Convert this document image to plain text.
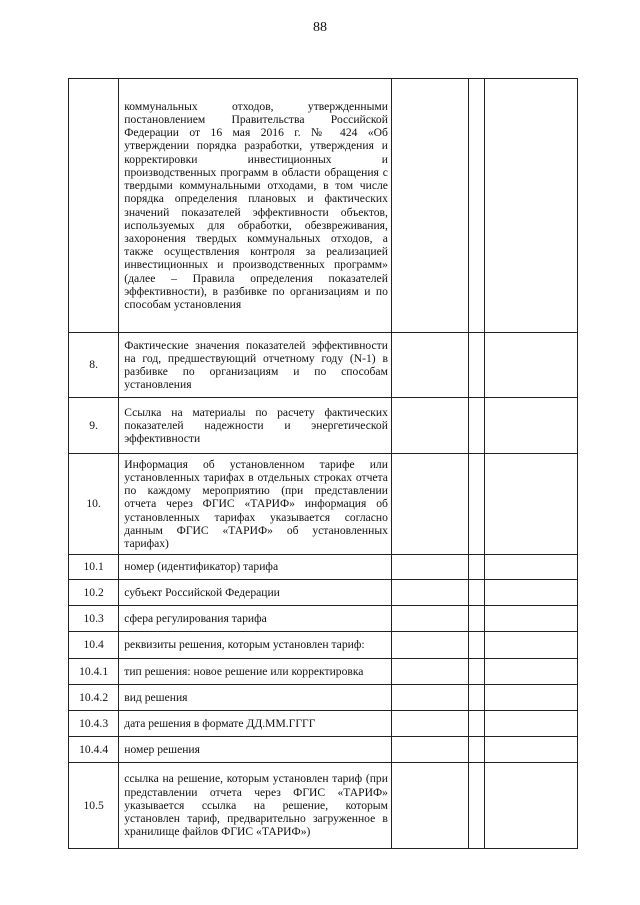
88
	коммунальных отходов, утвержденными постановлением Правительства Российской Федерации от 16 мая 2016 г. № 424 «Об утверждении порядка разработки, утверждения и корректировки инвестиционных и производственных программ в области обращения с твердыми коммунальными отходами, в том числе порядка определения плановых и фактических значений показателей эффективности объектов, используемых для обработки, обезвреживания, захоронения твердых коммунальных отходов, а также осуществления контроля за реализацией инвестиционных и производственных программ» (далее – Правила определения показателей эффективности), в разбивке по организациям и по способам установления			
8.	Фактические значения показателей эффективности на год, предшествующий отчетному году (N-1) в разбивке по организациям и по способам установления			
9.	Ссылка на материалы по расчету фактических показателей надежности и энергетической эффективности			
10.	Информация об установленном тарифе или установленных тарифах в отдельных строках отчета по каждому мероприятию (при представлении отчета через ФГИС «ТАРИФ» информация об установленных тарифах указывается согласно данным ФГИС «ТАРИФ» об установленных тарифах)			
10.1	номер (идентификатор) тарифа			
10.2	субъект Российской Федерации			
10.3	сфера регулирования тарифа			
10.4	реквизиты решения, которым установлен тариф:			
10.4.1	тип решения: новое решение или корректировка			
10.4.2	вид решения			
10.4.3	дата решения в формате ДД.ММ.ГГГГ			
10.4.4	номер решения			
10.5	ссылка на решение, которым установлен тариф (при представлении отчета через ФГИС «ТАРИФ» указывается ссылка на решение, которым установлен тариф, предварительно загруженное в хранилище файлов ФГИС «ТАРИФ»)			
